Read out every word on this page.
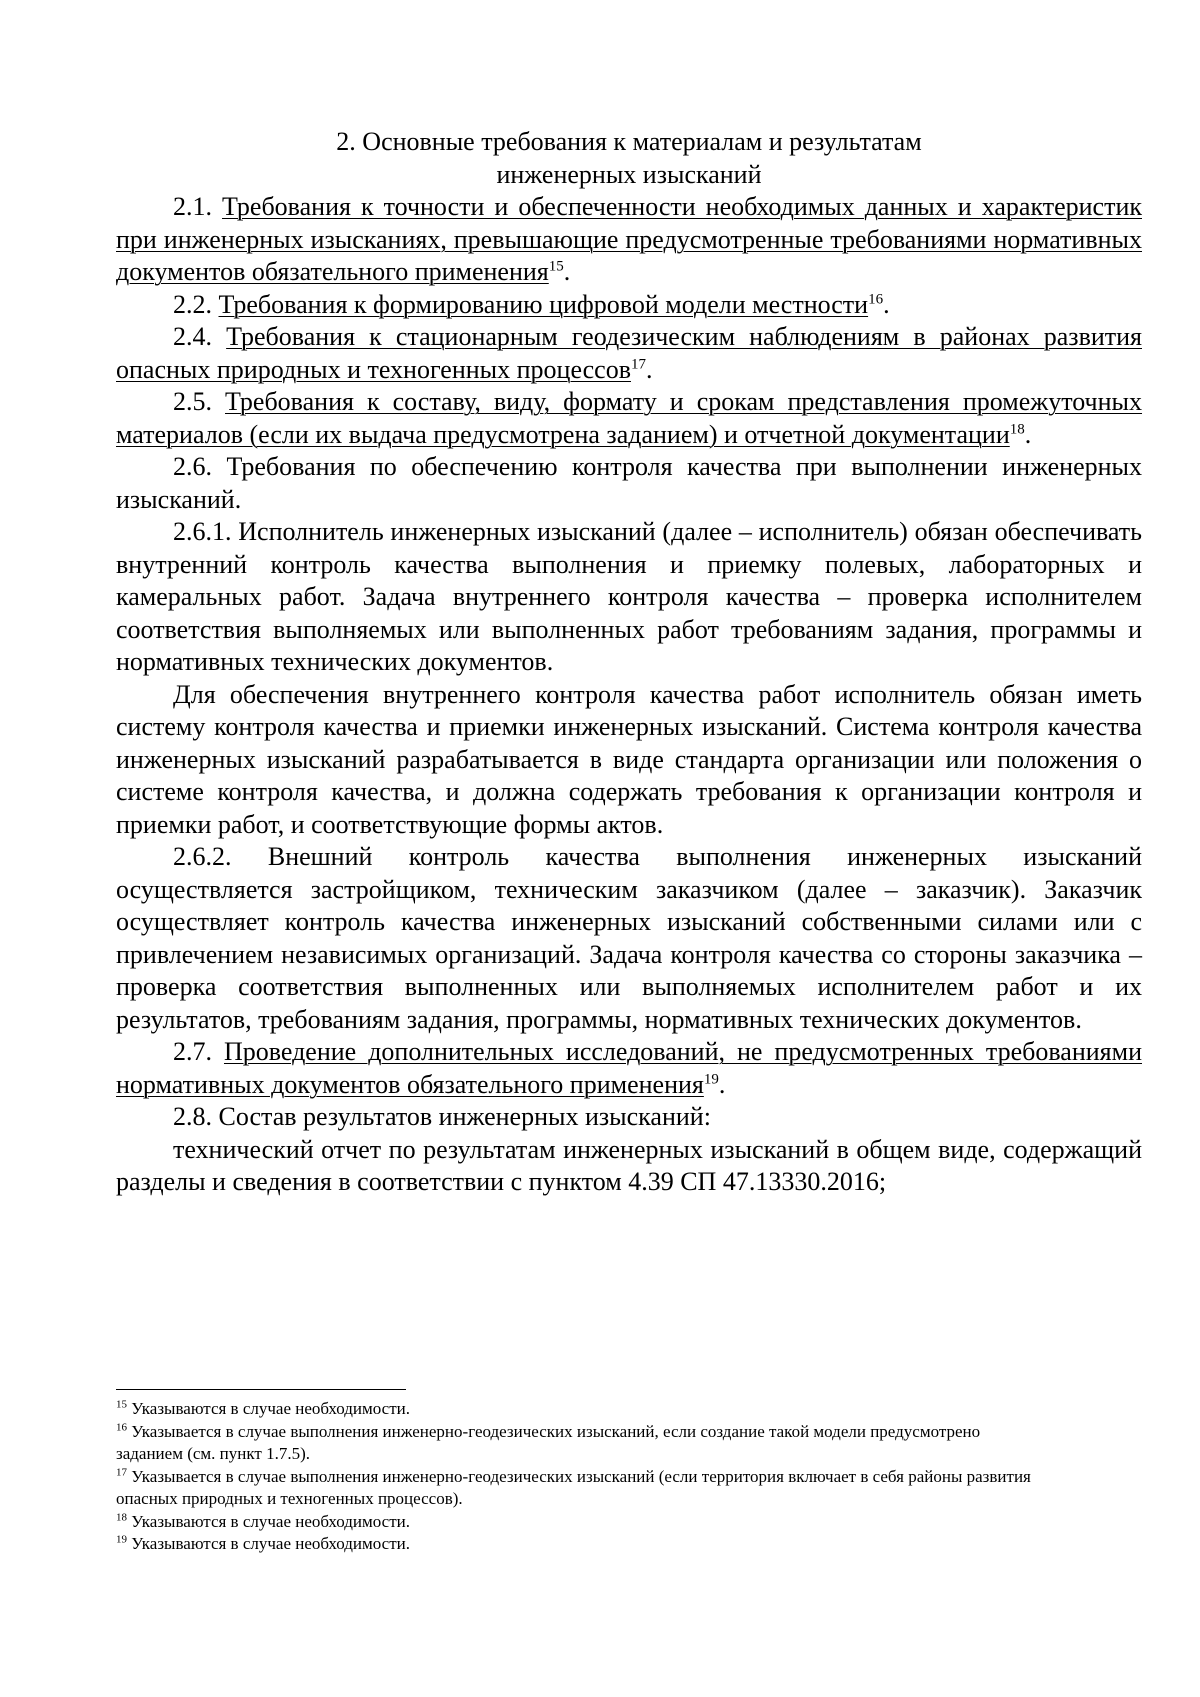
2. Основные требования к материалам и результатам
инженерных изысканий

2.1. Требования к точности и обеспеченности необходимых данных и характеристик при инженерных изысканиях, превышающие предусмотренные требованиями нормативных документов обязательного применения$^{15}$.

2.2. Требования к формированию цифровой модели местности$^{16}$.

2.4. Требования к стационарным геодезическим наблюдениям в районах развития опасных природных и техногенных процессов$^{17}$.

2.5. Требования к составу, виду, формату и срокам представления промежуточных материалов (если их выдача предусмотрена заданием) и отчетной документации$^{18}$.

2.6. Требования по обеспечению контроля качества при выполнении инженерных изысканий.

2.6.1. Исполнитель инженерных изысканий (далее – исполнитель) обязан обеспечивать внутренний контроль качества выполнения и приемку полевых, лабораторных и камеральных работ. Задача внутреннего контроля качества – проверка исполнителем соответствия выполняемых или выполненных работ требованиям задания, программы и нормативных технических документов.

Для обеспечения внутреннего контроля качества работ исполнитель обязан иметь систему контроля качества и приемки инженерных изысканий. Система контроля качества инженерных изысканий разрабатывается в виде стандарта организации или положения о системе контроля качества, и должна содержать требования к организации контроля и приемки работ, и соответствующие формы актов.

2.6.2. Внешний контроль качества выполнения инженерных изысканий осуществляется застройщиком, техническим заказчиком (далее – заказчик). Заказчик осуществляет контроль качества инженерных изысканий собственными силами или с привлечением независимых организаций. Задача контроля качества со стороны заказчика – проверка соответствия выполненных или выполняемых исполнителем работ и их результатов, требованиям задания, программы, нормативных технических документов.

2.7. Проведение дополнительных исследований, не предусмотренных требованиями нормативных документов обязательного применения$^{19}$.

2.8. Состав результатов инженерных изысканий:

технический отчет по результатам инженерных изысканий в общем виде, содержащий разделы и сведения в соответствии с пунктом 4.39 СП 47.13330.2016;

$^{15}$ Указываются в случае необходимости.

$^{16}$ Указывается в случае выполнения инженерно-геодезических изысканий, если создание такой модели предусмотрено заданием (см. пункт 1.7.5).

$^{17}$ Указывается в случае выполнения инженерно-геодезических изысканий (если территория включает в себя районы развития опасных природных и техногенных процессов).

$^{18}$ Указываются в случае необходимости.

$^{19}$ Указываются в случае необходимости.
